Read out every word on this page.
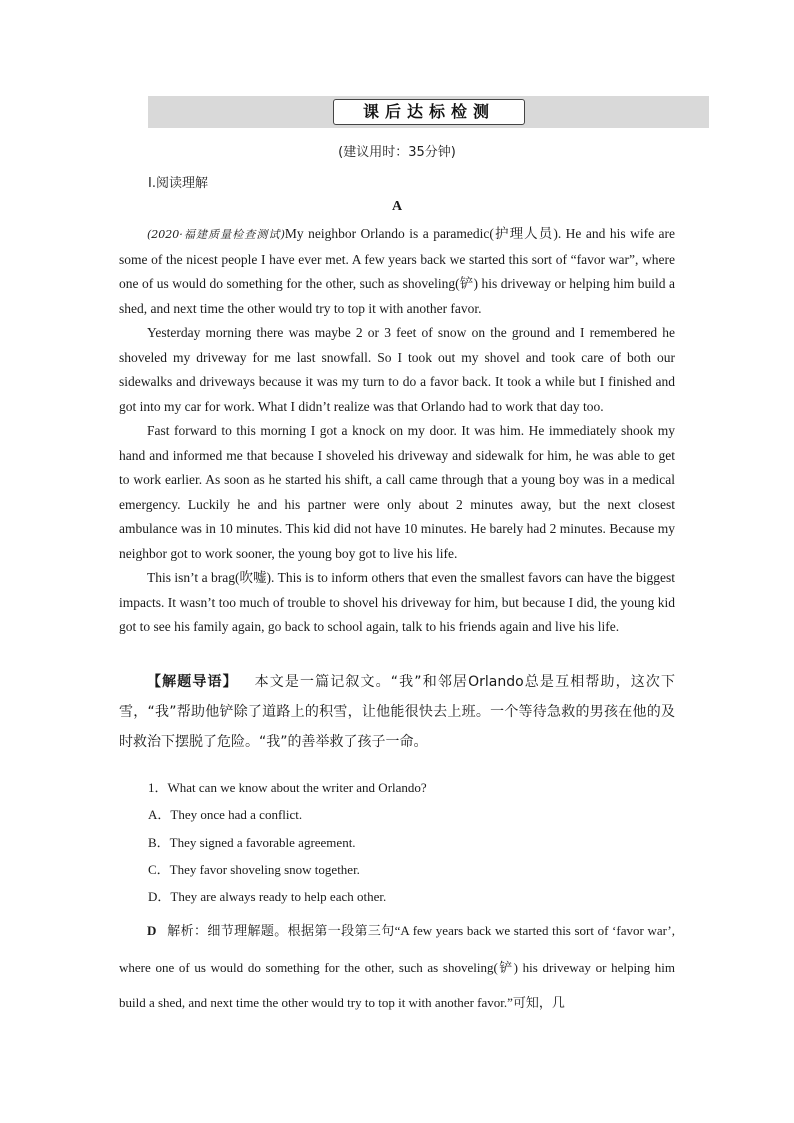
课后达标检测
(建议用时：35分钟)
Ⅰ.阅读理解
A

(2020·福建质量检查测试)My neighbor Orlando is a paramedic(护理人员). He and his wife are some of the nicest people I have ever met. A few years back we started this sort of “favor war”, where one of us would do something for the other, such as shoveling(铲) his driveway or helping him build a shed, and next time the other would try to top it with another favor.

Yesterday morning there was maybe 2 or 3 feet of snow on the ground and I remembered he shoveled my driveway for me last snowfall. So I took out my shovel and took care of both our sidewalks and driveways because it was my turn to do a favor back. It took a while but I finished and got into my car for work. What I didn’t realize was that Orlando had to work that day too.

Fast forward to this morning I got a knock on my door. It was him. He immediately shook my hand and informed me that because I shoveled his driveway and sidewalk for him, he was able to get to work earlier. As soon as he started his shift, a call came through that a young boy was in a medical emergency. Luckily he and his partner were only about 2 minutes away, but the next closest ambulance was in 10 minutes. This kid did not have 10 minutes. He barely had 2 minutes. Because my neighbor got to work sooner, the young boy got to live his life.

This isn’t a brag(吹嘘). This is to inform others that even the smallest favors can have the biggest impacts. It wasn’t too much of trouble to shovel his driveway for him, but because I did, the young kid got to see his family again, go back to school again, talk to his friends again and live his life.

【解题导语】 本文是一篇记叙文。“我”和邻居Orlando总是互相帮助，这次下雪，“我”帮助他铲除了道路上的积雪，让他能很快去上班。一个等待急救的男孩在他的及时救治下摆脱了危险。“我”的善举救了孩子一命。
1．What can we know about the writer and Orlando?
A．They once had a conflict.
B．They signed a favorable agreement.
C．They favor shoveling snow together.
D．They are always ready to help each other.
D 解析：细节理解题。根据第一段第三句“A few years back we started this sort of ‘favor war’, where one of us would do something for the other, such as shoveling(铲) his driveway or helping him build a shed, and next time the other would try to top it with another favor.”可知，几
